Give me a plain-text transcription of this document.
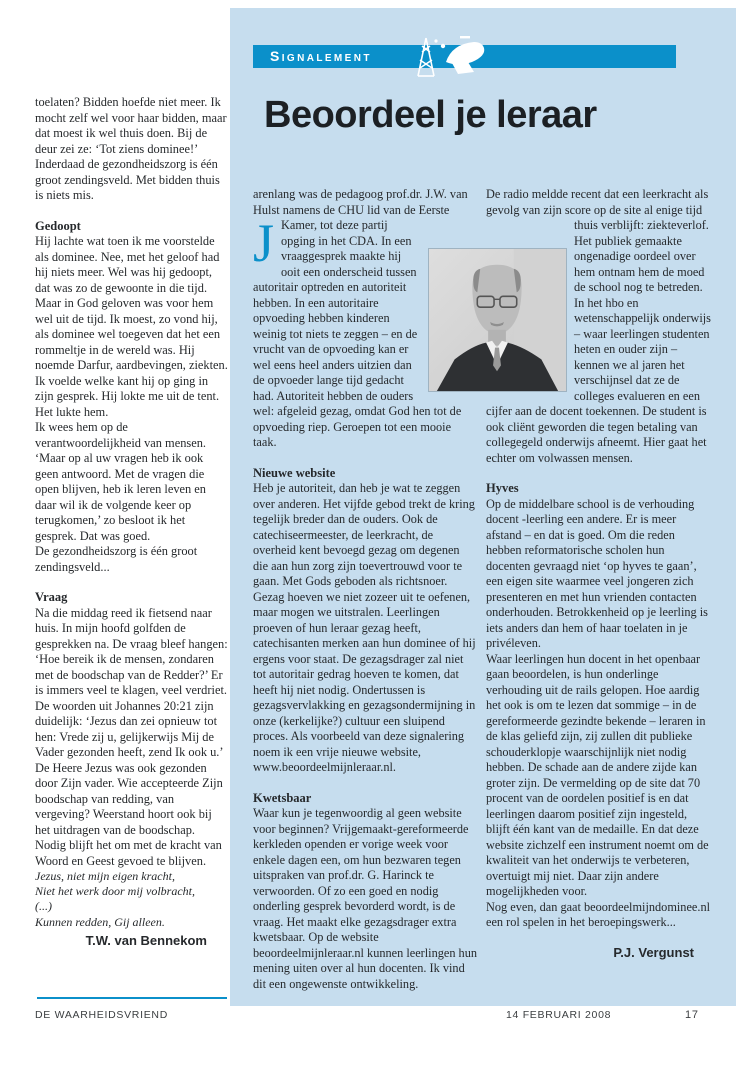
Signalement
Beoordeel je leraar

J
arenlang was de pedagoog prof.dr. J.W. van Hulst namens de CHU lid van de Eerste Kamer, tot deze partij opging in het CDA. In een vraaggesprek maakte hij ooit een onderscheid tussen autoritair optreden en autoriteit hebben. In een autoritaire opvoeding hebben kinderen weinig tot niets te zeggen – en de vrucht van de opvoeding kan er wel eens heel anders uitzien dan de opvoeder lange tijd gedacht had. Autoriteit hebben de ouders wel: afgeleid gezag, omdat God hen tot de opvoeding riep. Geroepen tot een mooie taak.

Nieuwe website

Heb je autoriteit, dan heb je wat te zeggen over anderen. Het vijfde gebod trekt de kring tegelijk breder dan de ouders. Ook de catechiseermeester, de leerkracht, de overheid kent bevoegd gezag om degenen die aan hun zorg zijn toevertrouwd voor te gaan. Met Gods geboden als richtsnoer. Gezag hoeven we niet zozeer uit te oefenen, maar mogen we uitstralen. Leerlingen proeven of hun leraar gezag heeft, catechisanten merken aan hun dominee of hij ergens voor staat. De gezagsdrager zal niet tot autoritair gedrag hoeven te komen, dat heeft hij niet nodig. Ondertussen is gezagsvervlakking en gezagsondermijning in onze (kerkelijke?) cultuur een sluipend proces. Als voorbeeld van deze signalering noem ik een vrije nieuwe website, www.beoordeelmijnleraar.nl.

Kwetsbaar

Waar kun je tegenwoordig al geen website voor beginnen? Vrijgemaakt-gereformeerde kerkleden openden er vorige week voor enkele dagen een, om hun bezwaren tegen uitspraken van prof.dr. G. Harinck te verwoorden. Of zo een goed en nodig onderling gesprek bevorderd wordt, is de vraag. Het maakt elke gezagsdrager extra kwetsbaar. Op de website beoordeelmijnleraar.nl kunnen leerlingen hun mening uiten over al hun docenten. Ik vind dit een ongewenste ontwikkeling.

De radio meldde recent dat een leerkracht als gevolg van zijn score op de site al enige tijd thuis verblijft: ziekteverlof. Het publiek gemaakte ongenadige oordeel over hem ontnam hem de moed de school nog te betreden. In het hbo en wetenschappelijk onderwijs – waar leerlingen studenten heten en ouder zijn – kennen we al jaren het verschijnsel dat ze de colleges evalueren en een cijfer aan de docent toekennen. De student is ook cliënt geworden die tegen betaling van collegegeld onderwijs afneemt. Hier gaat het echter om volwassen mensen.

Hyves

Op de middelbare school is de verhouding docent -leerling een andere. Er is meer afstand – en dat is goed. Om die reden hebben reformatorische scholen hun docenten gevraagd niet ‘op hyves te gaan’, een eigen site waarmee veel jongeren zich presenteren en met hun vrienden contacten onderhouden. Betrokkenheid op je leerling is iets anders dan hem of haar toelaten in je privéleven.

Waar leerlingen hun docent in het openbaar gaan beoordelen, is hun onderlinge verhouding uit de rails gelopen. Hoe aardig het ook is om te lezen dat sommige – in de gereformeerde gezindte bekende – leraren in de klas geliefd zijn, zij zullen dit publieke schouderklopje waarschijnlijk niet nodig hebben. De schade aan de andere zijde kan groter zijn. De vermelding op de site dat 70 procent van de oordelen positief is en dat leerlingen daarom positief zijn ingesteld, blijft één kant van de medaille. En dat deze website zichzelf een instrument noemt om de kwaliteit van het onderwijs te verbeteren, overtuigt mij niet. Daar zijn andere mogelijkheden voor.

Nog even, dan gaat beoordeelmijndominee.nl een rol spelen in het beroepingswerk...

P.J. Vergunst

toelaten? Bidden hoefde niet meer. Ik mocht zelf wel voor haar bidden, maar dat moest ik wel thuis doen. Bij de deur zei ze: ‘Tot ziens dominee!’ Inderdaad de gezondheidszorg is één groot zendingsveld. Met bidden thuis is niets mis.

Gedoopt

Hij lachte wat toen ik me voorstelde als dominee. Nee, met het geloof had hij niets meer. Wel was hij gedoopt, dat was zo de gewoonte in die tijd. Maar in God geloven was voor hem wel uit de tijd. Ik moest, zo vond hij, als dominee wel toegeven dat het een rommeltje in de wereld was. Hij noemde Darfur, aardbevingen, ziekten. Ik voelde welke kant hij op ging in zijn gesprek. Hij lokte me uit de tent. Het lukte hem.

Ik wees hem op de verantwoordelijkheid van mensen. ‘Maar op al uw vragen heb ik ook geen antwoord. Met de vragen die open blijven, heb ik leren leven en daar wil ik de volgende keer op terugkomen,’ zo besloot ik het gesprek. Dat was goed.

De gezondheidszorg is één groot zendingsveld...

Vraag

Na die middag reed ik fietsend naar huis. In mijn hoofd golfden de gesprekken na. De vraag bleef hangen: ‘Hoe bereik ik de mensen, zondaren met de boodschap van de Redder?’ Er is immers veel te klagen, veel verdriet. De woorden uit Johannes 20:21 zijn duidelijk: ‘Jezus dan zei opnieuw tot hen: Vrede zij u, gelijkerwijs Mij de Vader gezonden heeft, zend Ik ook u.’

De Heere Jezus was ook gezonden door Zijn vader. Wie accepteerde Zijn boodschap van redding, van vergeving? Weerstand hoort ook bij het uitdragen van de boodschap. Nodig blijft het om met de kracht van Woord en Geest gevoed te blijven.

Jezus, niet mijn eigen kracht,
Niet het werk door mij volbracht,
(...)
Kunnen redden, Gij alleen.
T.W. van Bennekom
DE WAARHEIDSVRIEND	14 FEBRUARI 2008	17
